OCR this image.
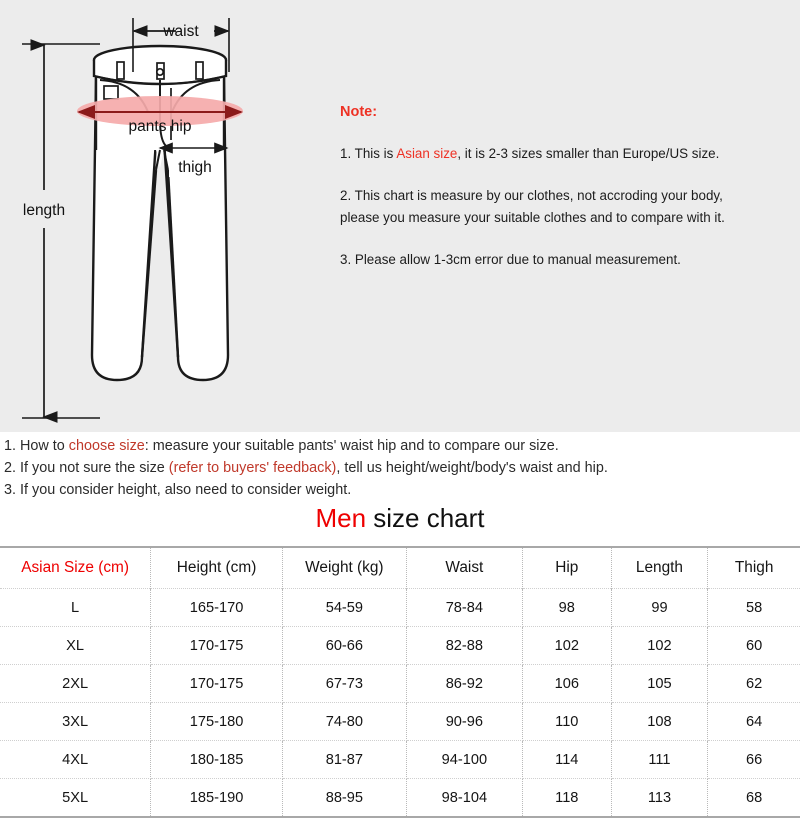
waist
length
pants hip
thigh
Note:
1. This is Asian size, it is 2-3 sizes smaller than Europe/US size.
2. This chart is measure by our clothes, not accroding your body,
please you measure your suitable clothes and to compare with it.
3. Please allow 1-3cm error due to manual measurement.
1. How to choose size: measure your suitable pants' waist hip and to compare our size.
2. If you not sure the size (refer to buyers' feedback), tell us height/weight/body's waist and hip.
3. If you consider height, also need to consider weight.
Men size chart
Asian Size (cm)	Height (cm)	Weight (kg)	Waist	Hip	Length	Thigh
L	165-170	54-59	78-84	98	99	58
XL	170-175	60-66	82-88	102	102	60
2XL	170-175	67-73	86-92	106	105	62
3XL	175-180	74-80	90-96	110	108	64
4XL	180-185	81-87	94-100	114	111	66
5XL	185-190	88-95	98-104	118	113	68
